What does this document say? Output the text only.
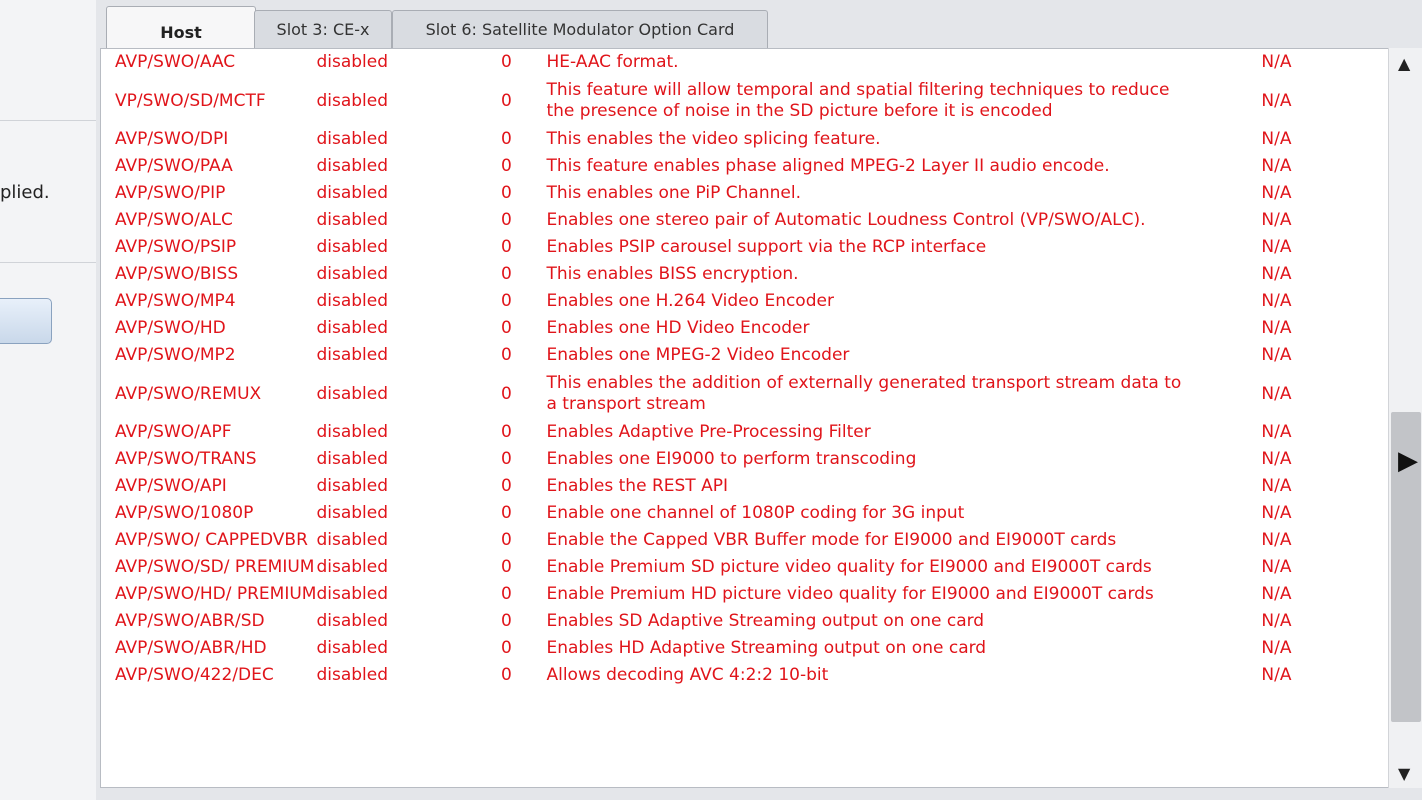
plied.
Host	Slot 3: CE-x	Slot 6: Satellite Modulator Option Card
AVP/SWO/AAC	disabled	0	HE-AAC format.	N/A
VP/SWO/SD/MCTF	disabled	0	This feature will allow temporal and spatial filtering techniques to reduce
the presence of noise in the SD picture before it is encoded	N/A
AVP/SWO/DPI	disabled	0	This enables the video splicing feature.	N/A
AVP/SWO/PAA	disabled	0	This feature enables phase aligned MPEG-2 Layer II audio encode.	N/A
AVP/SWO/PIP	disabled	0	This enables one PiP Channel.	N/A
AVP/SWO/ALC	disabled	0	Enables one stereo pair of Automatic Loudness Control (VP/SWO/ALC).	N/A
AVP/SWO/PSIP	disabled	0	Enables PSIP carousel support via the RCP interface	N/A
AVP/SWO/BISS	disabled	0	This enables BISS encryption.	N/A
AVP/SWO/MP4	disabled	0	Enables one H.264 Video Encoder	N/A
AVP/SWO/HD	disabled	0	Enables one HD Video Encoder	N/A
AVP/SWO/MP2	disabled	0	Enables one MPEG-2 Video Encoder	N/A
AVP/SWO/REMUX	disabled	0	This enables the addition of externally generated transport stream data to
a transport stream	N/A
AVP/SWO/APF	disabled	0	Enables Adaptive Pre-Processing Filter	N/A
AVP/SWO/TRANS	disabled	0	Enables one EI9000 to perform transcoding	N/A
AVP/SWO/API	disabled	0	Enables the REST API	N/A
AVP/SWO/1080P	disabled	0	Enable one channel of 1080P coding for 3G input	N/A
AVP/SWO/ CAPPEDVBR	disabled	0	Enable the Capped VBR Buffer mode for EI9000 and EI9000T cards	N/A
AVP/SWO/SD/ PREMIUM	disabled	0	Enable Premium SD picture video quality for EI9000 and EI9000T cards	N/A
AVP/SWO/HD/ PREMIUM	disabled	0	Enable Premium HD picture video quality for EI9000 and EI9000T cards	N/A
AVP/SWO/ABR/SD	disabled	0	Enables SD Adaptive Streaming output on one card	N/A
AVP/SWO/ABR/HD	disabled	0	Enables HD Adaptive Streaming output on one card	N/A
AVP/SWO/422/DEC	disabled	0	Allows decoding AVC 4:2:2 10-bit	N/A
▲
▼
▶
